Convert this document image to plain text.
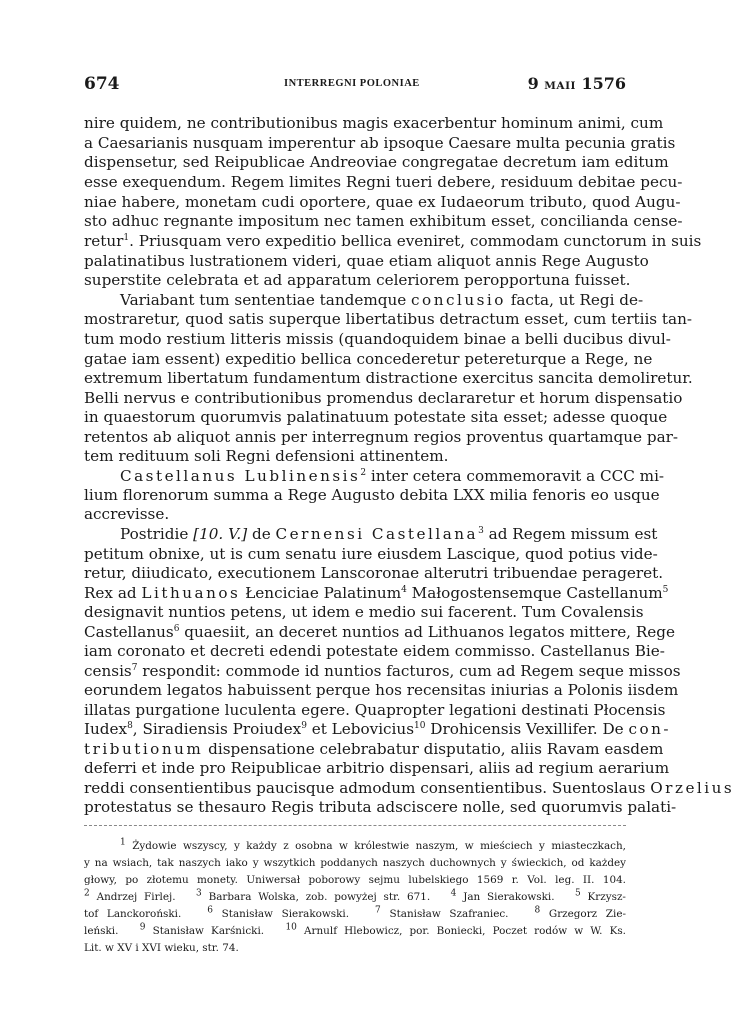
674	INTERREGNI POLONIAE	9 MAII 1576
nire quidem, ne contributionibus magis exacerbentur hominum animi, cum
a Caesarianis nusquam imperentur ab ipsoque Caesare multa pecunia gratis
dispensetur, sed Reipublicae Andreoviae congregatae decretum iam editum
esse exequendum. Regem limites Regni tueri debere, residuum debitae pecu-
niae habere, monetam cudi oportere, quae ex Iudaeorum tributo, quod Augu-
sto adhuc regnante impositum nec tamen exhibitum esset, concilianda cense-
retur$^1$. Priusquam vero expeditio bellica eveniret, commodam cunctorum in suis
palatinatibus lustrationem videri, quae etiam aliquot annis Rege Augusto
superstite celebrata et ad apparatum celeriorem peropportuna fuisset.
Variabant tum sententiae tandemque conclusio facta, ut Regi de-
mostraretur, quod satis superque libertatibus detractum esset, cum tertiis tan-
tum modo restium litteris missis (quandoquidem binae a belli ducibus divul-
gatae iam essent) expeditio bellica concederetur petereturque a Rege, ne
extremum libertatum fundamentum distractione exercitus sancita demoliretur.
Belli nervus e contributionibus promendus declararetur et horum dispensatio
in quaestorum quorumvis palatinatuum potestate sita esset; adesse quoque
retentos ab aliquot annis per interregnum regios proventus quartamque par-
tem redituum soli Regni defensioni attinentem.
Castellanus Lublinensis$^2$ inter cetera commemoravit a CCC mi-
lium florenorum summa a Rege Augusto debita LXX milia fenoris eo usque
accrevisse.
Postridie [10. V.] de Cernensi Castellana$^3$ ad Regem missum est
petitum obnixe, ut is cum senatu iure eiusdem Lascique, quod potius vide-
retur, diiudicato, executionem Lanscoronae alterutri tribuendae perageret.
Rex ad Lithuanos Łenciciae Palatinum$^4$ Małogostensemque Castellanum$^5$
designavit nuntios petens, ut idem e medio sui facerent. Tum Covalensis
Castellanus$^6$ quaesiit, an deceret nuntios ad Lithuanos legatos mittere, Rege
iam coronato et decreti edendi potestate eidem commisso. Castellanus Bie-
censis$^7$ respondit: commode id nuntios facturos, cum ad Regem seque missos
eorundem legatos habuissent perque hos recensitas iniurias a Polonis iisdem
illatas purgatione luculenta egere. Quapropter legationi destinati Płocensis
Iudex$^8$, Siradiensis Proiudex$^9$ et Lebovicius$^{10}$ Drohicensis Vexillifer. De con-
tributionum dispensatione celebrabatur disputatio, aliis Ravam easdem
deferri et inde pro Reipublicae arbitrio dispensari, aliis ad regium aerarium
reddi consentientibus paucisque admodum consentientibus. Suentoslaus Orzelius
protestatus se thesauro Regis tributa adsciscere nolle, sed quorumvis palati-
$^1$ Żydowie wszyscy, y każdy z osobna w królestwie naszym, w mieściech y miasteczkach,
y na wsiach, tak naszych iako y wszytkich poddanych naszych duchownych y świeckich, od każdey
głowy, po złotemu monety. Uniwersał poborowy sejmu lubelskiego 1569 r. Vol. leg. II. 104.
$^2$ Andrzej Firlej. $^3$ Barbara Wolska, zob. powyżej str. 671. $^4$ Jan Sierakowski. $^5$ Krzysz-
tof Lanckoroński.	$^6$ Stanisław Sierakowski.	$^7$ Stanisław Szafraniec.	$^8$ Grzegorz Zie-
leński. $^9$ Stanisław Karśnicki. $^{10}$ Arnulf Hlebowicz, por. Boniecki, Poczet rodów w W. Ks.
Lit. w XV i XVI wieku, str. 74.
